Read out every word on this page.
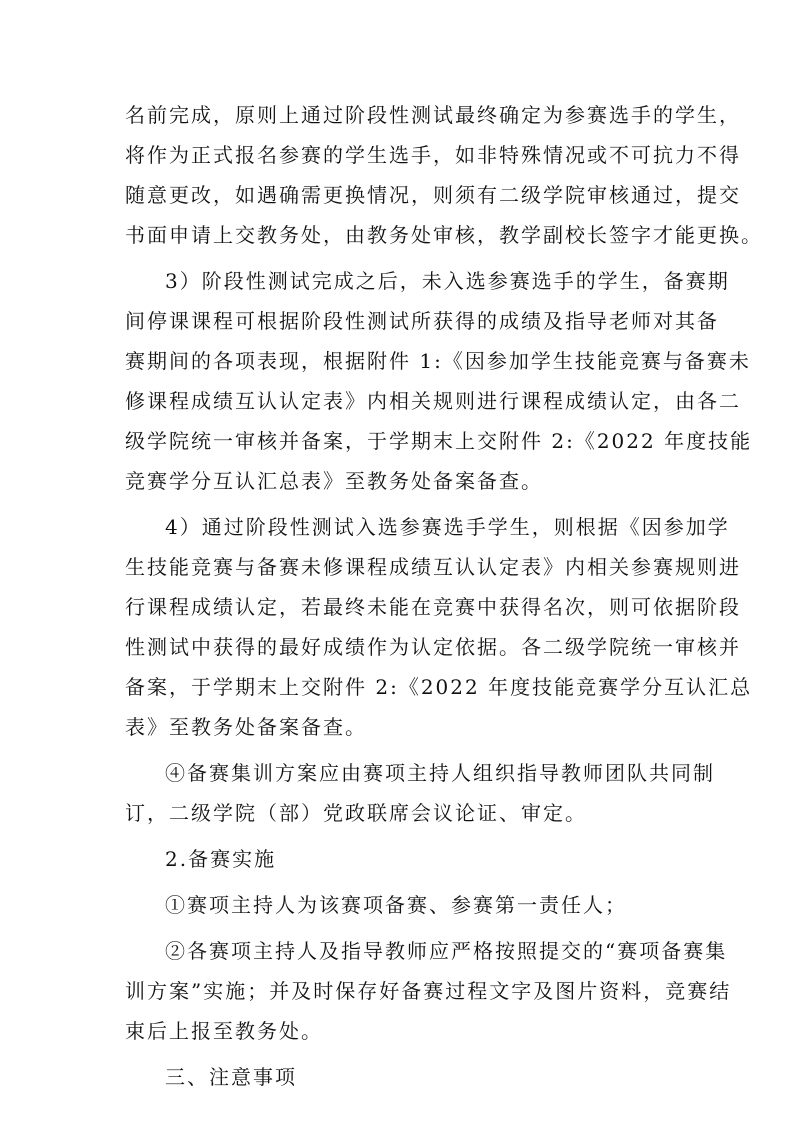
名前完成，原则上通过阶段性测试最终确定为参赛选手的学生，
将作为正式报名参赛的学生选手，如非特殊情况或不可抗力不得
随意更改，如遇确需更换情况，则须有二级学院审核通过，提交
书面申请上交教务处，由教务处审核，教学副校长签字才能更换。
3）阶段性测试完成之后，未入选参赛选手的学生，备赛期
间停课课程可根据阶段性测试所获得的成绩及指导老师对其备
赛期间的各项表现，根据附件 1:《因参加学生技能竞赛与备赛未
修课程成绩互认认定表》内相关规则进行课程成绩认定，由各二
级学院统一审核并备案，于学期末上交附件 2:《2022 年度技能
竞赛学分互认汇总表》至教务处备案备查。
4）通过阶段性测试入选参赛选手学生，则根据《因参加学
生技能竞赛与备赛未修课程成绩互认认定表》内相关参赛规则进
行课程成绩认定，若最终未能在竞赛中获得名次，则可依据阶段
性测试中获得的最好成绩作为认定依据。各二级学院统一审核并
备案，于学期末上交附件 2:《2022 年度技能竞赛学分互认汇总
表》至教务处备案备查。
④备赛集训方案应由赛项主持人组织指导教师团队共同制
订，二级学院（部）党政联席会议论证、审定。
2.备赛实施
①赛项主持人为该赛项备赛、参赛第一责任人；
②各赛项主持人及指导教师应严格按照提交的“赛项备赛集
训方案”实施；并及时保存好备赛过程文字及图片资料，竞赛结
束后上报至教务处。
三、注意事项
